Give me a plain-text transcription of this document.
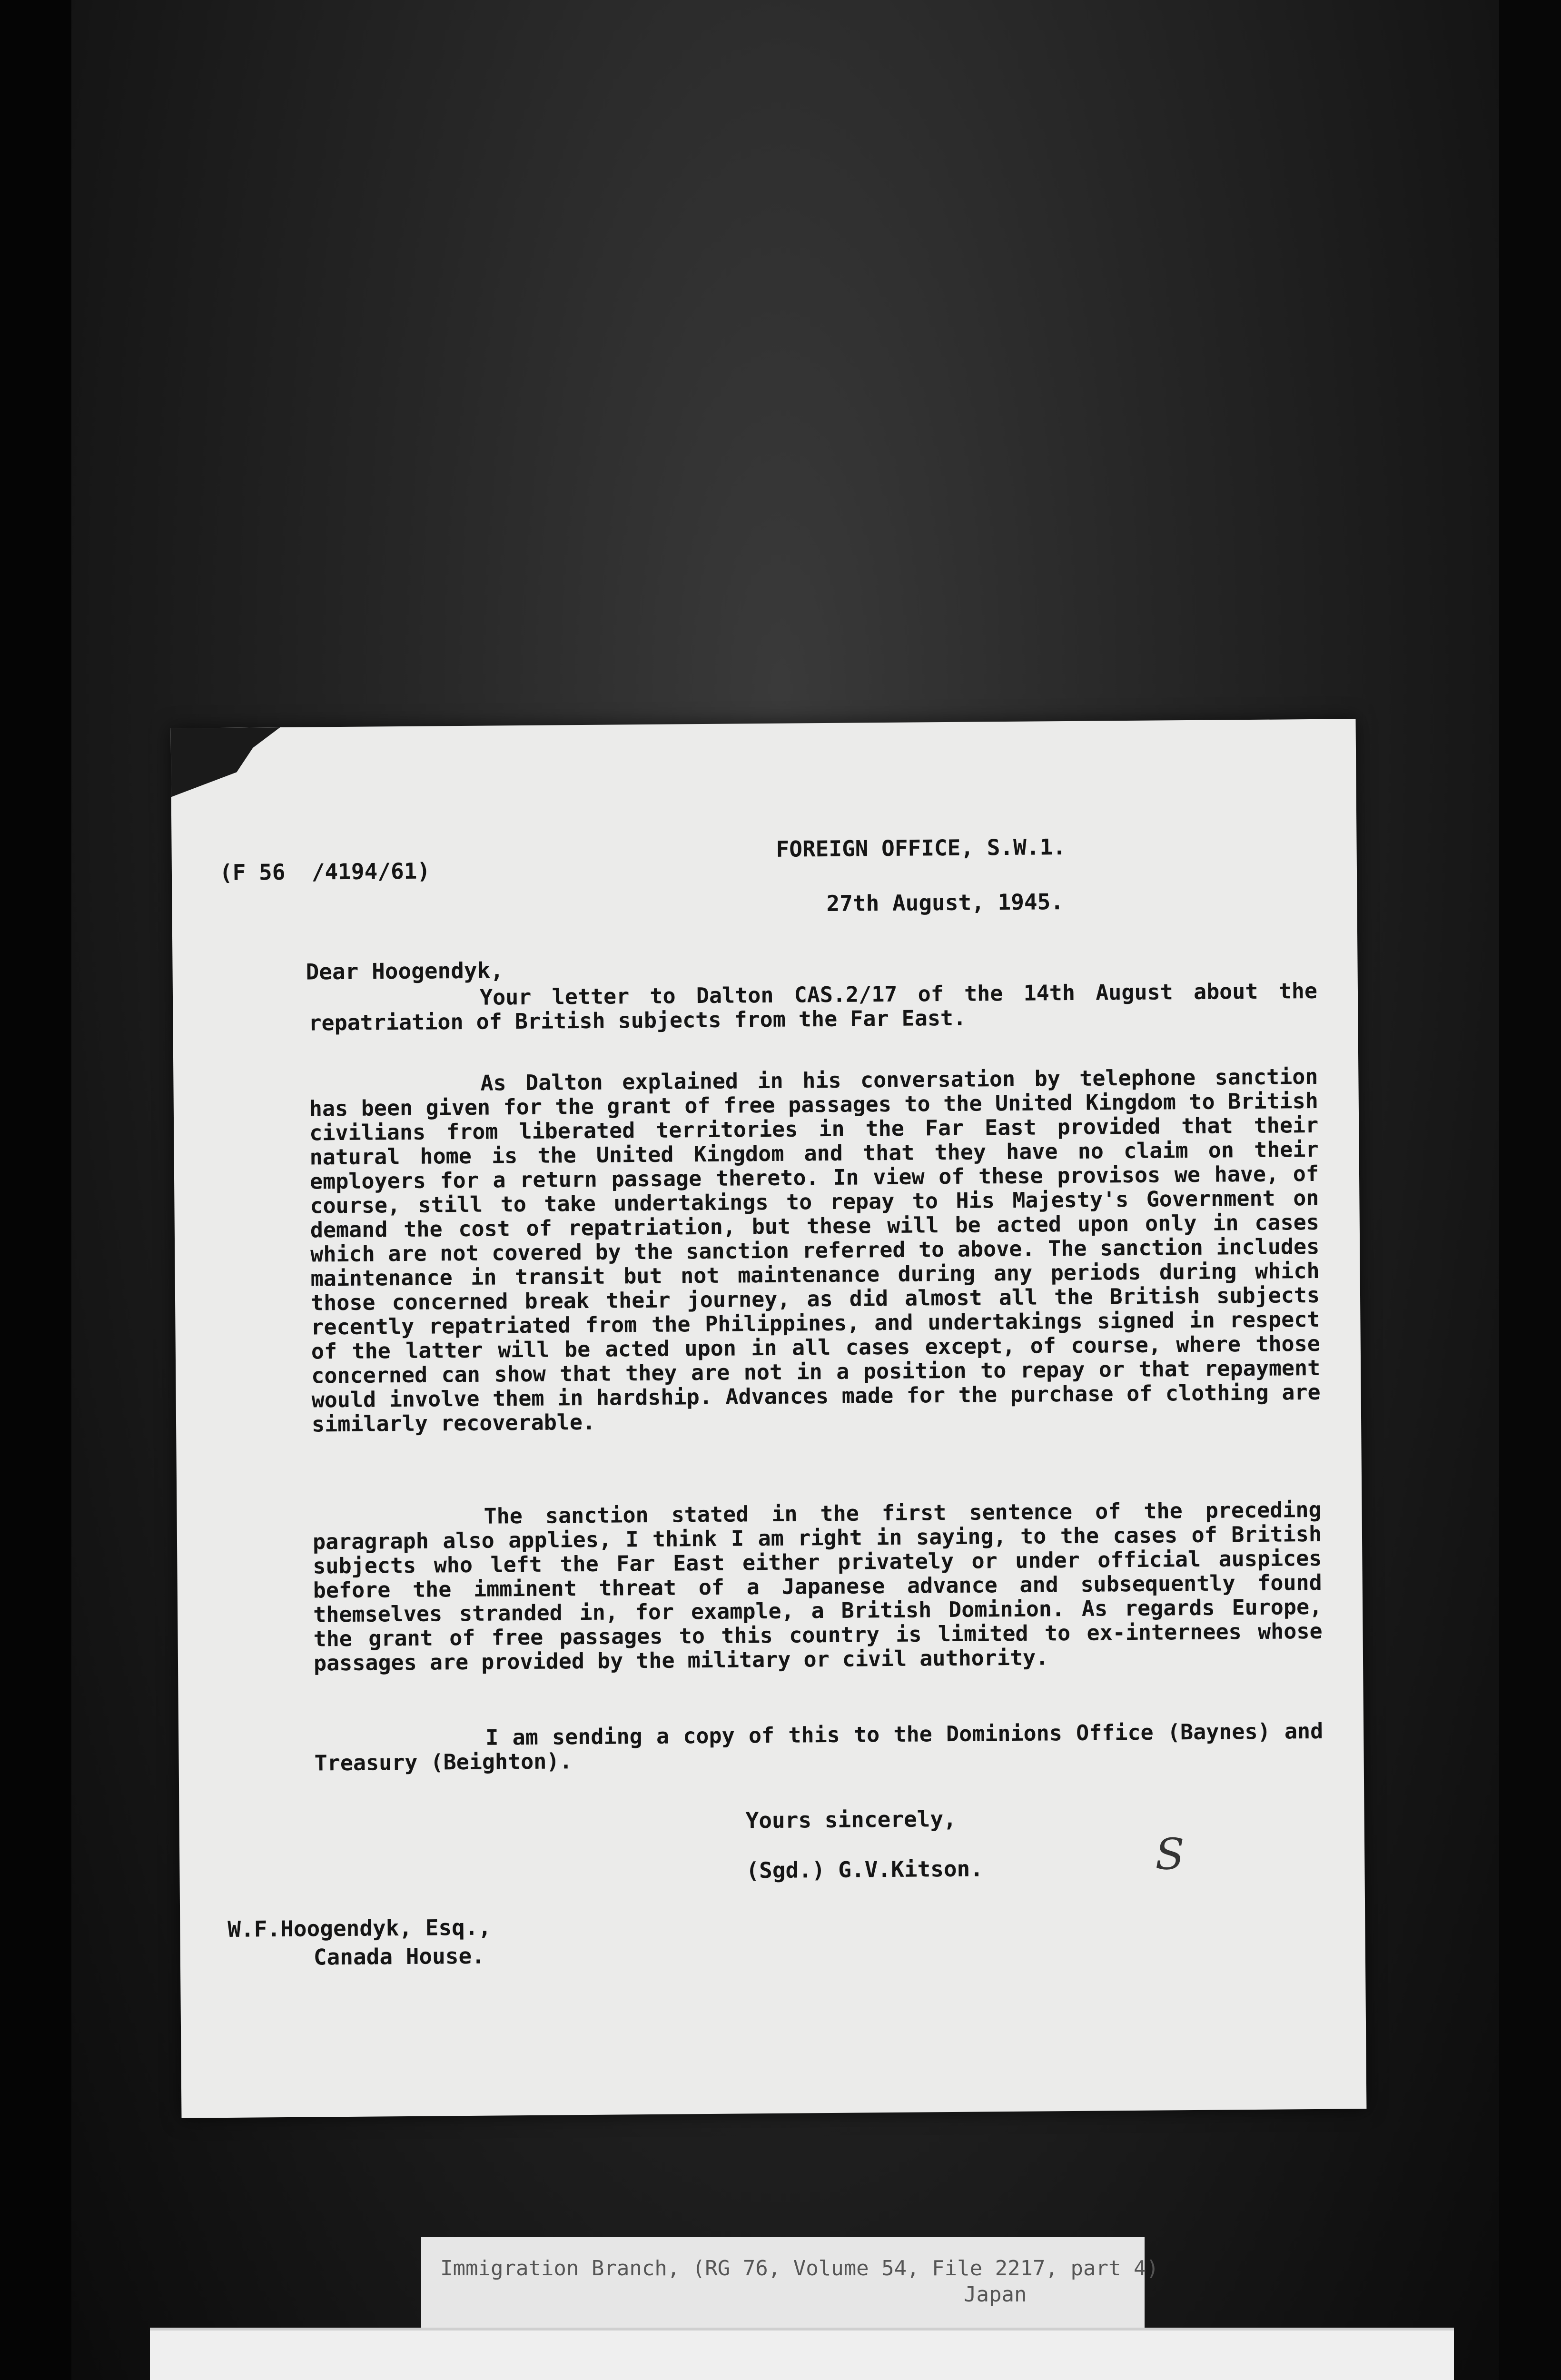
(F 56  /4194/61)
FOREIGN OFFICE, S.W.1.
27th August, 1945.
Dear Hoogendyk,

Your letter to Dalton CAS.2/17 of the 14th August about the repatriation of British subjects from the Far East.

As Dalton explained in his conversation by telephone sanction has been given for the grant of free passages to the United Kingdom to British civilians from liberated territories in the Far East provided that their natural home is the United Kingdom and that they have no claim on their employers for a return passage thereto. In view of these provisos we have, of course, still to take undertakings to repay to His Majesty's Government on demand the cost of repatriation, but these will be acted upon only in cases which are not covered by the sanction referred to above. The sanction includes maintenance in transit but not maintenance during any periods during which those concerned break their journey, as did almost all the British subjects recently repatriated from the Philippines, and undertakings signed in respect of the latter will be acted upon in all cases except, of course, where those concerned can show that they are not in a position to repay or that repayment would involve them in hardship. Advances made for the purchase of clothing are similarly recoverable.

The sanction stated in the first sentence of the preceding paragraph also applies, I think I am right in saying, to the cases of British subjects who left the Far East either privately or under official auspices before the imminent threat of a Japanese advance and subsequently found themselves stranded in, for example, a British Dominion. As regards Europe, the grant of free passages to this country is limited to ex-internees whose passages are provided by the military or civil authority.

I am sending a copy of this to the Dominions Office (Baynes) and Treasury (Beighton).

Yours sincerely,
(Sgd.) G.V.Kitson.	S
W.F.Hoogendyk, Esq.,
Canada House.
Immigration Branch, (RG 76, Volume 54, File 2217, part 4)
Japan
